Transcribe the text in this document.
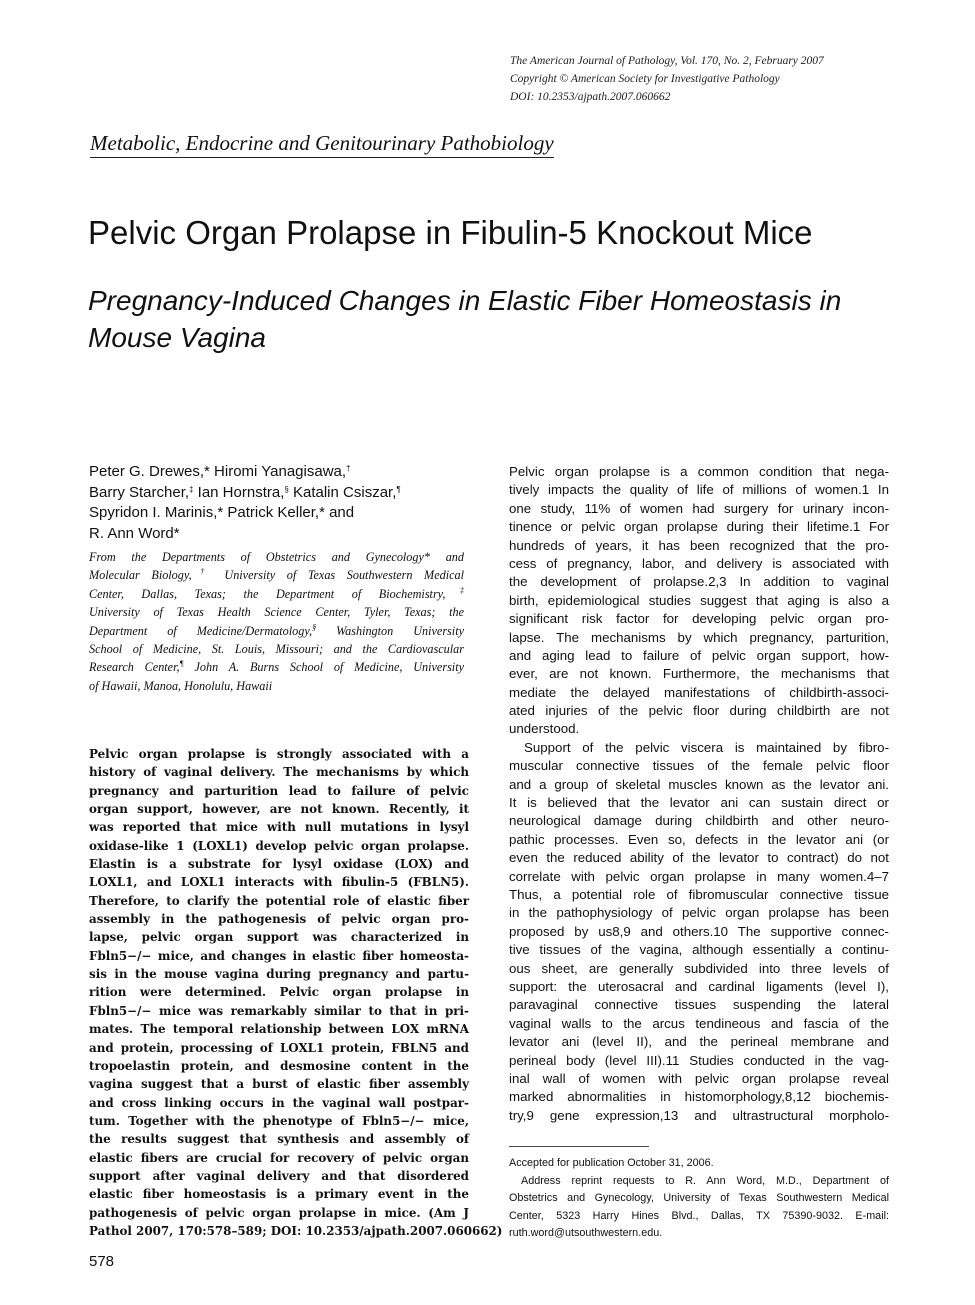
The American Journal of Pathology, Vol. 170, No. 2, February 2007
Copyright © American Society for Investigative Pathology
DOI: 10.2353/ajpath.2007.060662
Metabolic, Endocrine and Genitourinary Pathobiology
Pelvic Organ Prolapse in Fibulin-5 Knockout Mice
Pregnancy-Induced Changes in Elastic Fiber Homeostasis in
Mouse Vagina
Peter G. Drewes,* Hiromi Yanagisawa,†
Barry Starcher,‡ Ian Hornstra,§ Katalin Csiszar,¶
Spyridon I. Marinis,* Patrick Keller,* and
R. Ann Word*
From the Departments of Obstetrics and Gynecology* and
Molecular Biology,† University of Texas Southwestern Medical
Center, Dallas, Texas; the Department of Biochemistry,‡
University of Texas Health Science Center, Tyler, Texas; the
Department of Medicine/Dermatology,§ Washington University
School of Medicine, St. Louis, Missouri; and the Cardiovascular
Research Center,¶ John A. Burns School of Medicine, University
of Hawaii, Manoa, Honolulu, Hawaii
Pelvic organ prolapse is strongly associated with a
history of vaginal delivery. The mechanisms by which
pregnancy and parturition lead to failure of pelvic
organ support, however, are not known. Recently, it
was reported that mice with null mutations in lysyl
oxidase-like 1 (LOXL1) develop pelvic organ prolapse.
Elastin is a substrate for lysyl oxidase (LOX) and
LOXL1, and LOXL1 interacts with fibulin-5 (FBLN5).
Therefore, to clarify the potential role of elastic fiber
assembly in the pathogenesis of pelvic organ pro-
lapse, pelvic organ support was characterized in
Fbln5−/− mice, and changes in elastic fiber homeosta-
sis in the mouse vagina during pregnancy and partu-
rition were determined. Pelvic organ prolapse in
Fbln5−/− mice was remarkably similar to that in pri-
mates. The temporal relationship between LOX mRNA
and protein, processing of LOXL1 protein, FBLN5 and
tropoelastin protein, and desmosine content in the
vagina suggest that a burst of elastic fiber assembly
and cross linking occurs in the vaginal wall postpar-
tum. Together with the phenotype of Fbln5−/− mice,
the results suggest that synthesis and assembly of
elastic fibers are crucial for recovery of pelvic organ
support after vaginal delivery and that disordered
elastic fiber homeostasis is a primary event in the
pathogenesis of pelvic organ prolapse in mice. (Am J
Pathol 2007, 170:578–589; DOI: 10.2353/ajpath.2007.060662)
Pelvic organ prolapse is a common condition that nega-
tively impacts the quality of life of millions of women.1 In
one study, 11% of women had surgery for urinary incon-
tinence or pelvic organ prolapse during their lifetime.1 For
hundreds of years, it has been recognized that the pro-
cess of pregnancy, labor, and delivery is associated with
the development of prolapse.2,3 In addition to vaginal
birth, epidemiological studies suggest that aging is also a
significant risk factor for developing pelvic organ pro-
lapse. The mechanisms by which pregnancy, parturition,
and aging lead to failure of pelvic organ support, how-
ever, are not known. Furthermore, the mechanisms that
mediate the delayed manifestations of childbirth-associ-
ated injuries of the pelvic floor during childbirth are not
understood.
Support of the pelvic viscera is maintained by fibro-
muscular connective tissues of the female pelvic floor
and a group of skeletal muscles known as the levator ani.
It is believed that the levator ani can sustain direct or
neurological damage during childbirth and other neuro-
pathic processes. Even so, defects in the levator ani (or
even the reduced ability of the levator to contract) do not
correlate with pelvic organ prolapse in many women.4–7
Thus, a potential role of fibromuscular connective tissue
in the pathophysiology of pelvic organ prolapse has been
proposed by us8,9 and others.10 The supportive connec-
tive tissues of the vagina, although essentially a continu-
ous sheet, are generally subdivided into three levels of
support: the uterosacral and cardinal ligaments (level I),
paravaginal connective tissues suspending the lateral
vaginal walls to the arcus tendineous and fascia of the
levator ani (level II), and the perineal membrane and
perineal body (level III).11 Studies conducted in the vag-
inal wall of women with pelvic organ prolapse reveal
marked abnormalities in histomorphology,8,12 biochemis-
try,9 gene expression,13 and ultrastructural morpholo-
Accepted for publication October 31, 2006.
Address reprint requests to R. Ann Word, M.D., Department of
Obstetrics and Gynecology, University of Texas Southwestern Medical
Center, 5323 Harry Hines Blvd., Dallas, TX 75390-9032. E-mail:
ruth.word@utsouthwestern.edu.
578
